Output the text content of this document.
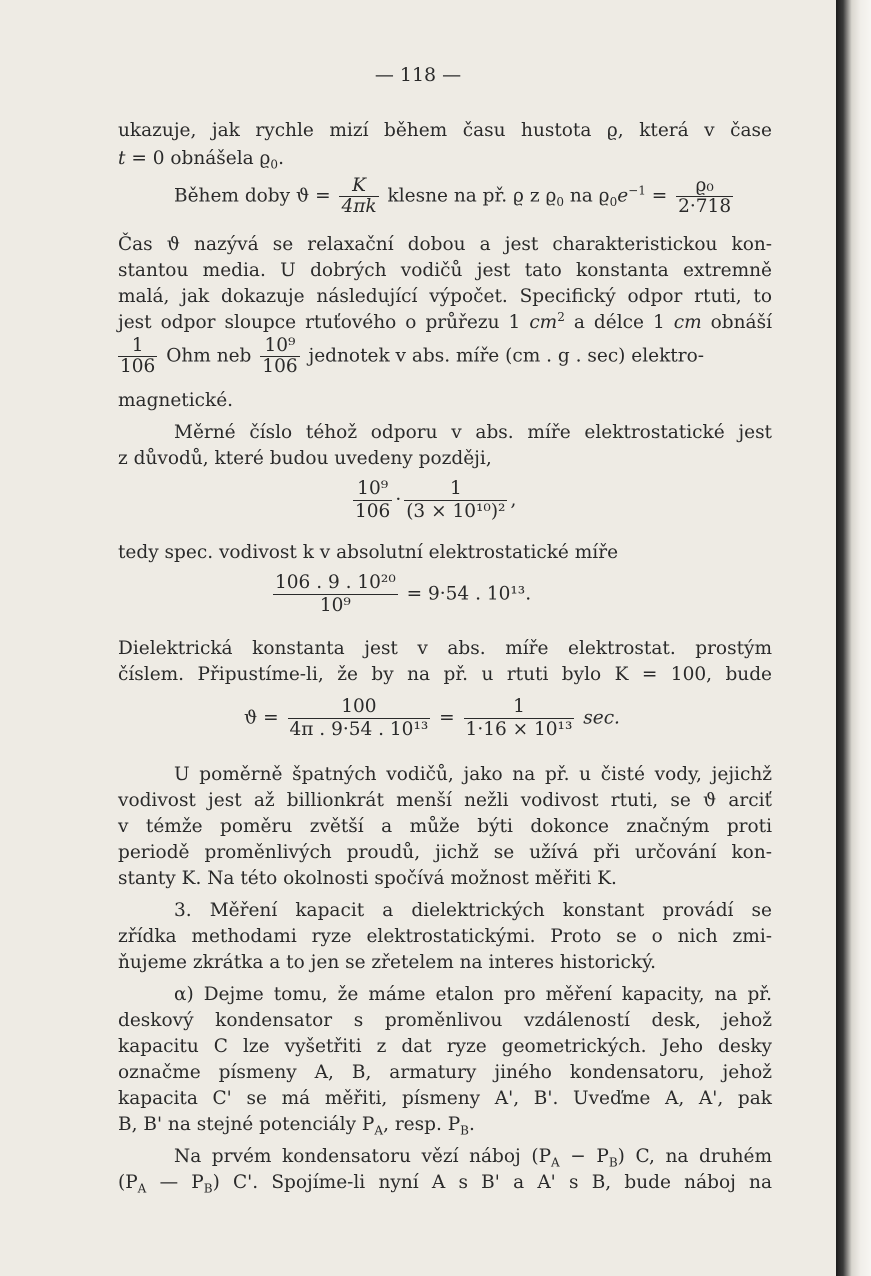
— 118 —
ukazuje, jak rychle mizí během času hustota ϱ, která v čase
t = 0 obnášela $ϱ_0$.
Během doby $ϑ = \frac{K}{4\pi k}$ klesne na př. ϱ z $ϱ_0$ na $ϱ_0e^{-1} = \frac{\text{ϱ₀}}{2\cdot 718}$
Čas ϑ nazývá se relaxační dobou a jest charakteristickou kon-
stantou media. U dobrých vodičů jest tato konstanta extremně
malá, jak dokazuje následující výpočet. Specifický odpor rtuti, to
jest odpor sloupce rtuťového o průřezu 1 $cm^2$ a délce 1 cm obnáší
$\frac{1}{106}$ Ohm neb $\frac{\text{10⁹}}{106}$ jednotek v abs. míře (cm . g . sec) elektro-
magnetické.
Měrné číslo téhož odporu v abs. míře elektrostatické jest
z důvodů, které budou uvedeny později,
$\frac{\text{10⁹}}{106} \cdot \frac{1}{\text{(3 × 10¹⁰)²}}$ ,
tedy spec. vodivost k v absolutní elektrostatické míře
$\frac{\text{106 . 9 . 10²⁰}}{\text{10⁹}} = 9\cdot 54$ . 10¹³.
Dielektrická konstanta jest v abs. míře elektrostat. prostým
číslem. Připustíme-li, že by na př. u rtuti bylo K = 100, bude
$ϑ = \frac{100}{\text{4π . 9·54 . 10¹³}} = \frac{1}{\text{1·16 × 10¹³}} \sec$.
U poměrně špatných vodičů, jako na př. u čisté vody, jejichž
vodivost jest až billionkrát menší nežli vodivost rtuti, se ϑ arciť
v témže poměru zvětší a může býti dokonce značným proti
periodě proměnlivých proudů, jichž se užívá při určování kon-
stanty K. Na této okolnosti spočívá možnost měřiti K.
3. Měření kapacit a dielektrických konstant provádí se
zřídka methodami ryze elektrostatickými. Proto se o nich zmi-
ňujeme zkrátka a to jen se zřetelem na interes historický.
α) Dejme tomu, že máme etalon pro měření kapacity, na př.
deskový kondensator s proměnlivou vzdáleností desk, jehož
kapacitu C lze vyšetřiti z dat ryze geometrických. Jeho desky
označme písmeny A, B, armatury jiného kondensatoru, jehož
kapacita C' se má měřiti, písmeny A', B'. Uveďme A, A', pak
B, B' na stejné potenciály $P_A$, resp. $P_B$.
Na prvém kondensatoru vězí náboj $(P_A - P_B)$ C, na druhém
($P_A$ — $P_B$) C'. Spojíme-li nyní A s B' a A' s B, bude náboj na
